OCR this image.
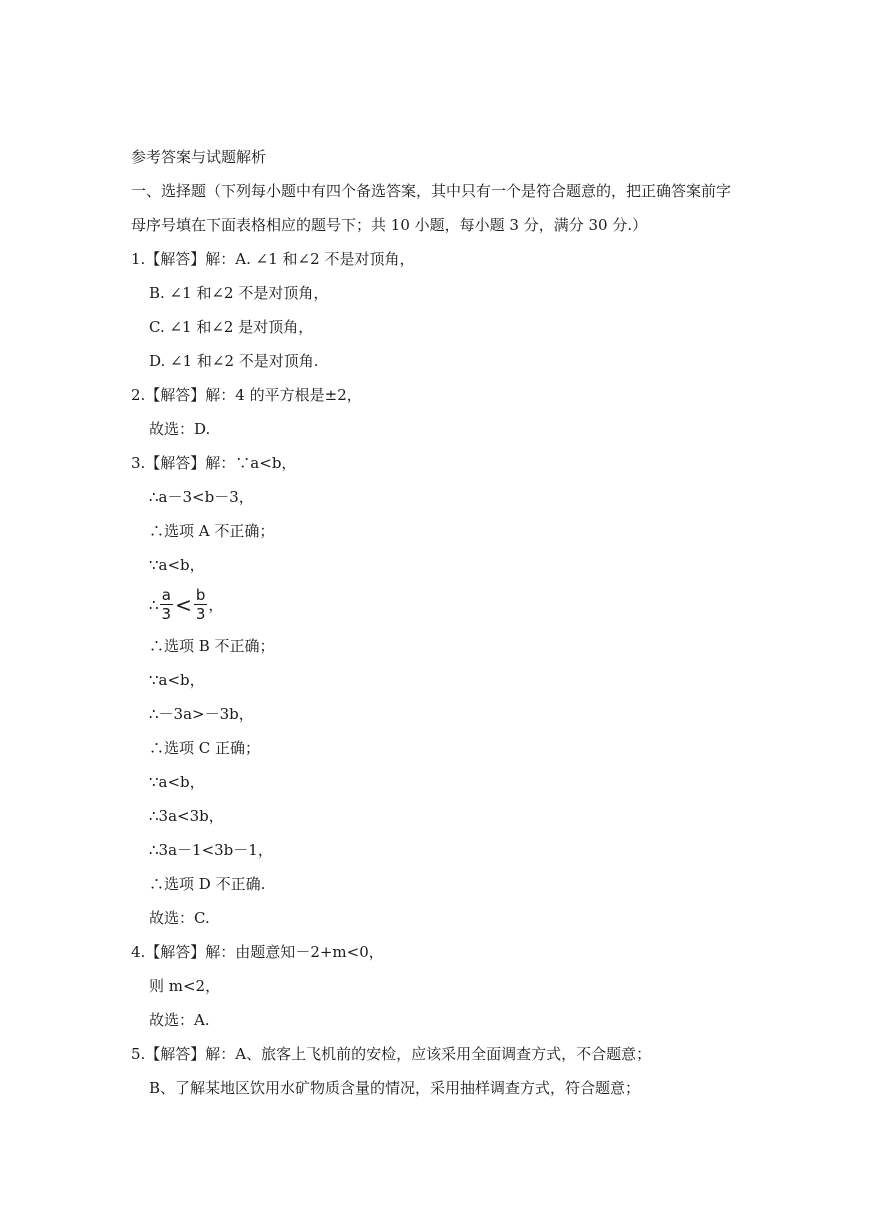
参考答案与试题解析
一、选择题（下列每小题中有四个备选答案，其中只有一个是符合题意的，把正确答案前字
母序号填在下面表格相应的题号下；共 10 小题，每小题 3 分，满分 30 分.）
1.【解答】解：A. ∠1 和∠2 不是对顶角，
B. ∠1 和∠2 不是对顶角，
C. ∠1 和∠2 是对顶角，
D. ∠1 和∠2 不是对顶角.
2.【解答】解：4 的平方根是±2，
故选：D.
3.【解答】解：∵a<b，
∴a－3<b－3，
∴选项 A 不正确；
∵a<b，
∴ $\frac{a}{3} < \frac{b}{3}$ ，
∴选项 B 不正确；
∵a<b，
∴－3a>－3b，
∴选项 C 正确；
∵a<b，
∴3a<3b，
∴3a－1<3b－1，
∴选项 D 不正确.
故选：C.
4.【解答】解：由题意知－2+m<0，
则 m<2，
故选：A.
5.【解答】解：A、旅客上飞机前的安检，应该采用全面调查方式，不合题意；
B、了解某地区饮用水矿物质含量的情况，采用抽样调查方式，符合题意；
